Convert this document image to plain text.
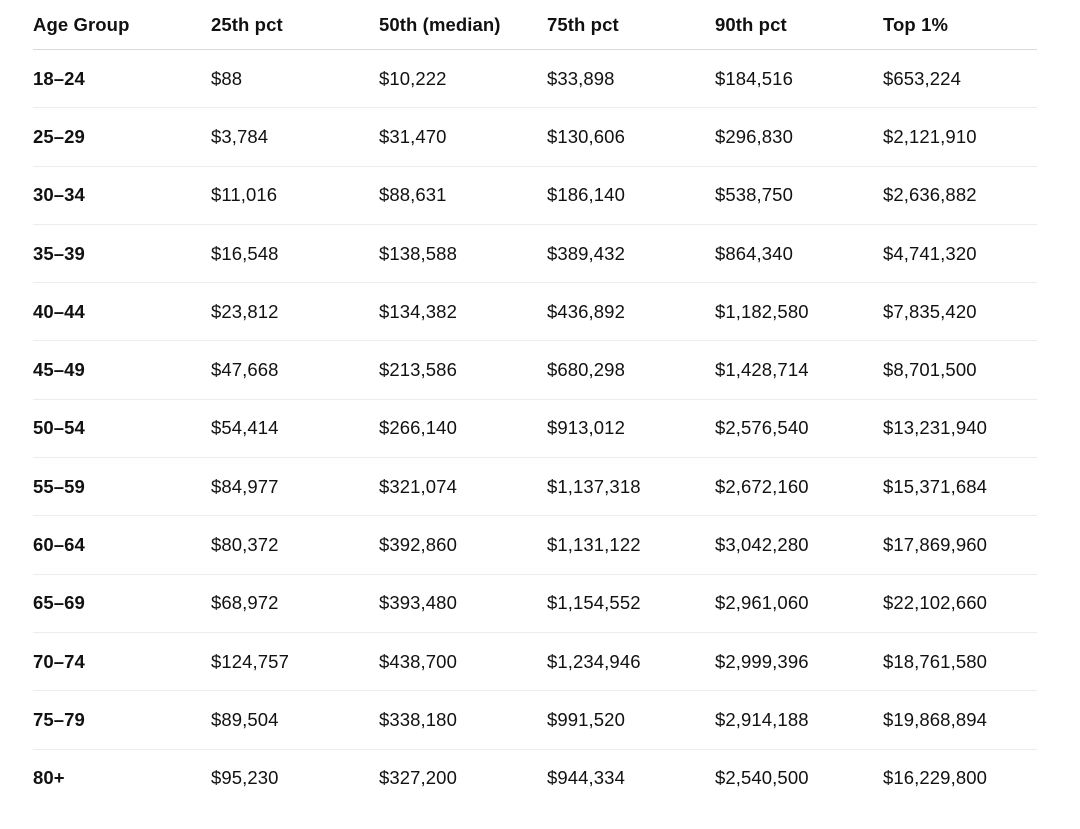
Age Group	25th pct	50th (median)	75th pct	90th pct	Top 1%
18–24	$88	$10,222	$33,898	$184,516	$653,224
25–29	$3,784	$31,470	$130,606	$296,830	$2,121,910
30–34	$11,016	$88,631	$186,140	$538,750	$2,636,882
35–39	$16,548	$138,588	$389,432	$864,340	$4,741,320
40–44	$23,812	$134,382	$436,892	$1,182,580	$7,835,420
45–49	$47,668	$213,586	$680,298	$1,428,714	$8,701,500
50–54	$54,414	$266,140	$913,012	$2,576,540	$13,231,940
55–59	$84,977	$321,074	$1,137,318	$2,672,160	$15,371,684
60–64	$80,372	$392,860	$1,131,122	$3,042,280	$17,869,960
65–69	$68,972	$393,480	$1,154,552	$2,961,060	$22,102,660
70–74	$124,757	$438,700	$1,234,946	$2,999,396	$18,761,580
75–79	$89,504	$338,180	$991,520	$2,914,188	$19,868,894
80+	$95,230	$327,200	$944,334	$2,540,500	$16,229,800
